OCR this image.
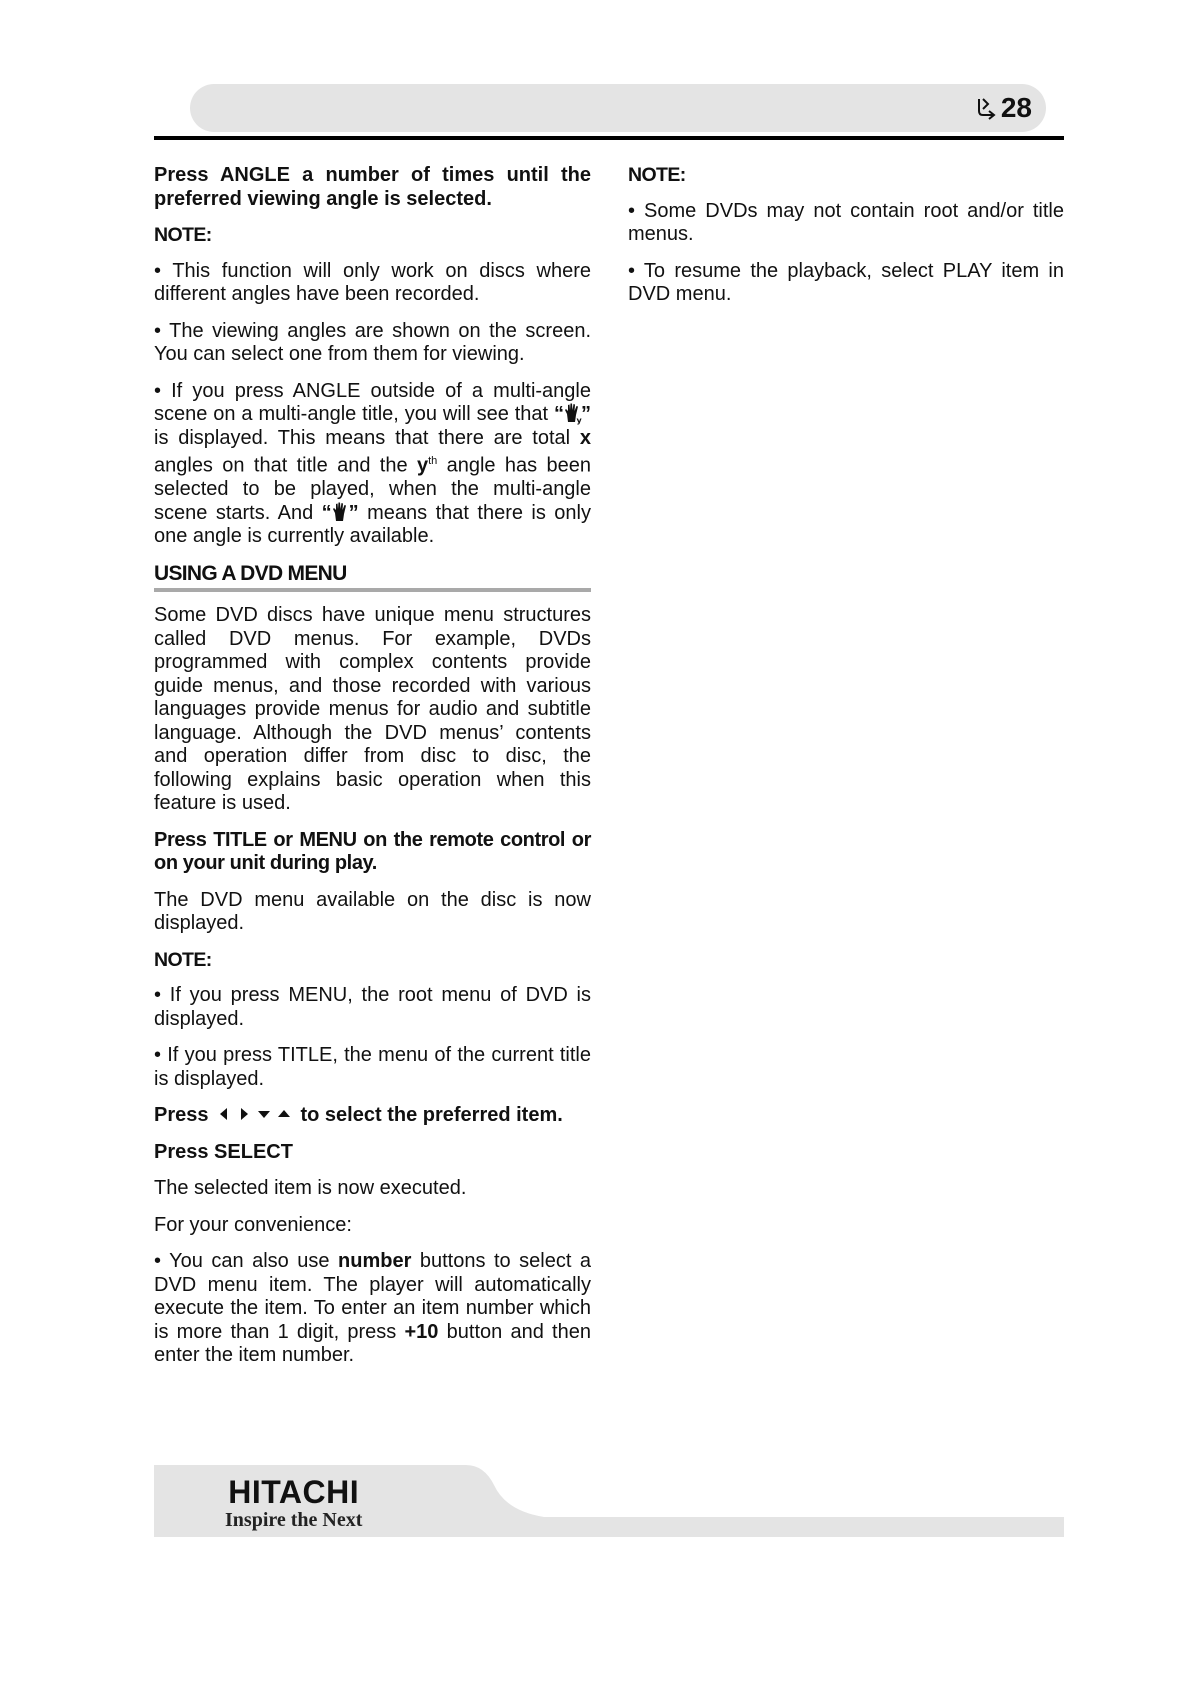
28

Press ANGLE a number of times until the preferred viewing angle is selected.

NOTE:

• This function will only work on discs where different angles have been recorded.

• The viewing angles are shown on the screen. You can select one from them for viewing.

• If you press ANGLE outside of a multi-angle scene on a multi-angle title, you will see that “ y ” is displayed. This means that there are total x angles on that title and the $y^{th}$ angle has been selected to be played, when the multi-angle scene starts. And “ ” means that there is only one angle is currently available.

USING A DVD MENU

Some DVD discs have unique menu structures called DVD menus. For example, DVDs programmed with complex contents provide guide menus, and those recorded with various languages provide menus for audio and subtitle language. Although the DVD menus’ contents and operation differ from disc to disc, the following explains basic operation when this feature is used.

Press TITLE or MENU on the remote control or on your unit during play.

The DVD menu available on the disc is now displayed.

NOTE:

• If you press MENU, the root menu of DVD is displayed.

• If you press TITLE, the menu of the current title is displayed.

Press	to select the preferred item.

Press SELECT

The selected item is now executed.

For your convenience:

• You can also use number buttons to select a DVD menu item. The player will automatically execute the item. To enter an item number which is more than 1 digit, press +10 button and then enter the item number.

NOTE:

• Some DVDs may not contain root and/or title menus.

• To resume the playback, select PLAY item in DVD menu.

HITACHI
Inspire the Next
